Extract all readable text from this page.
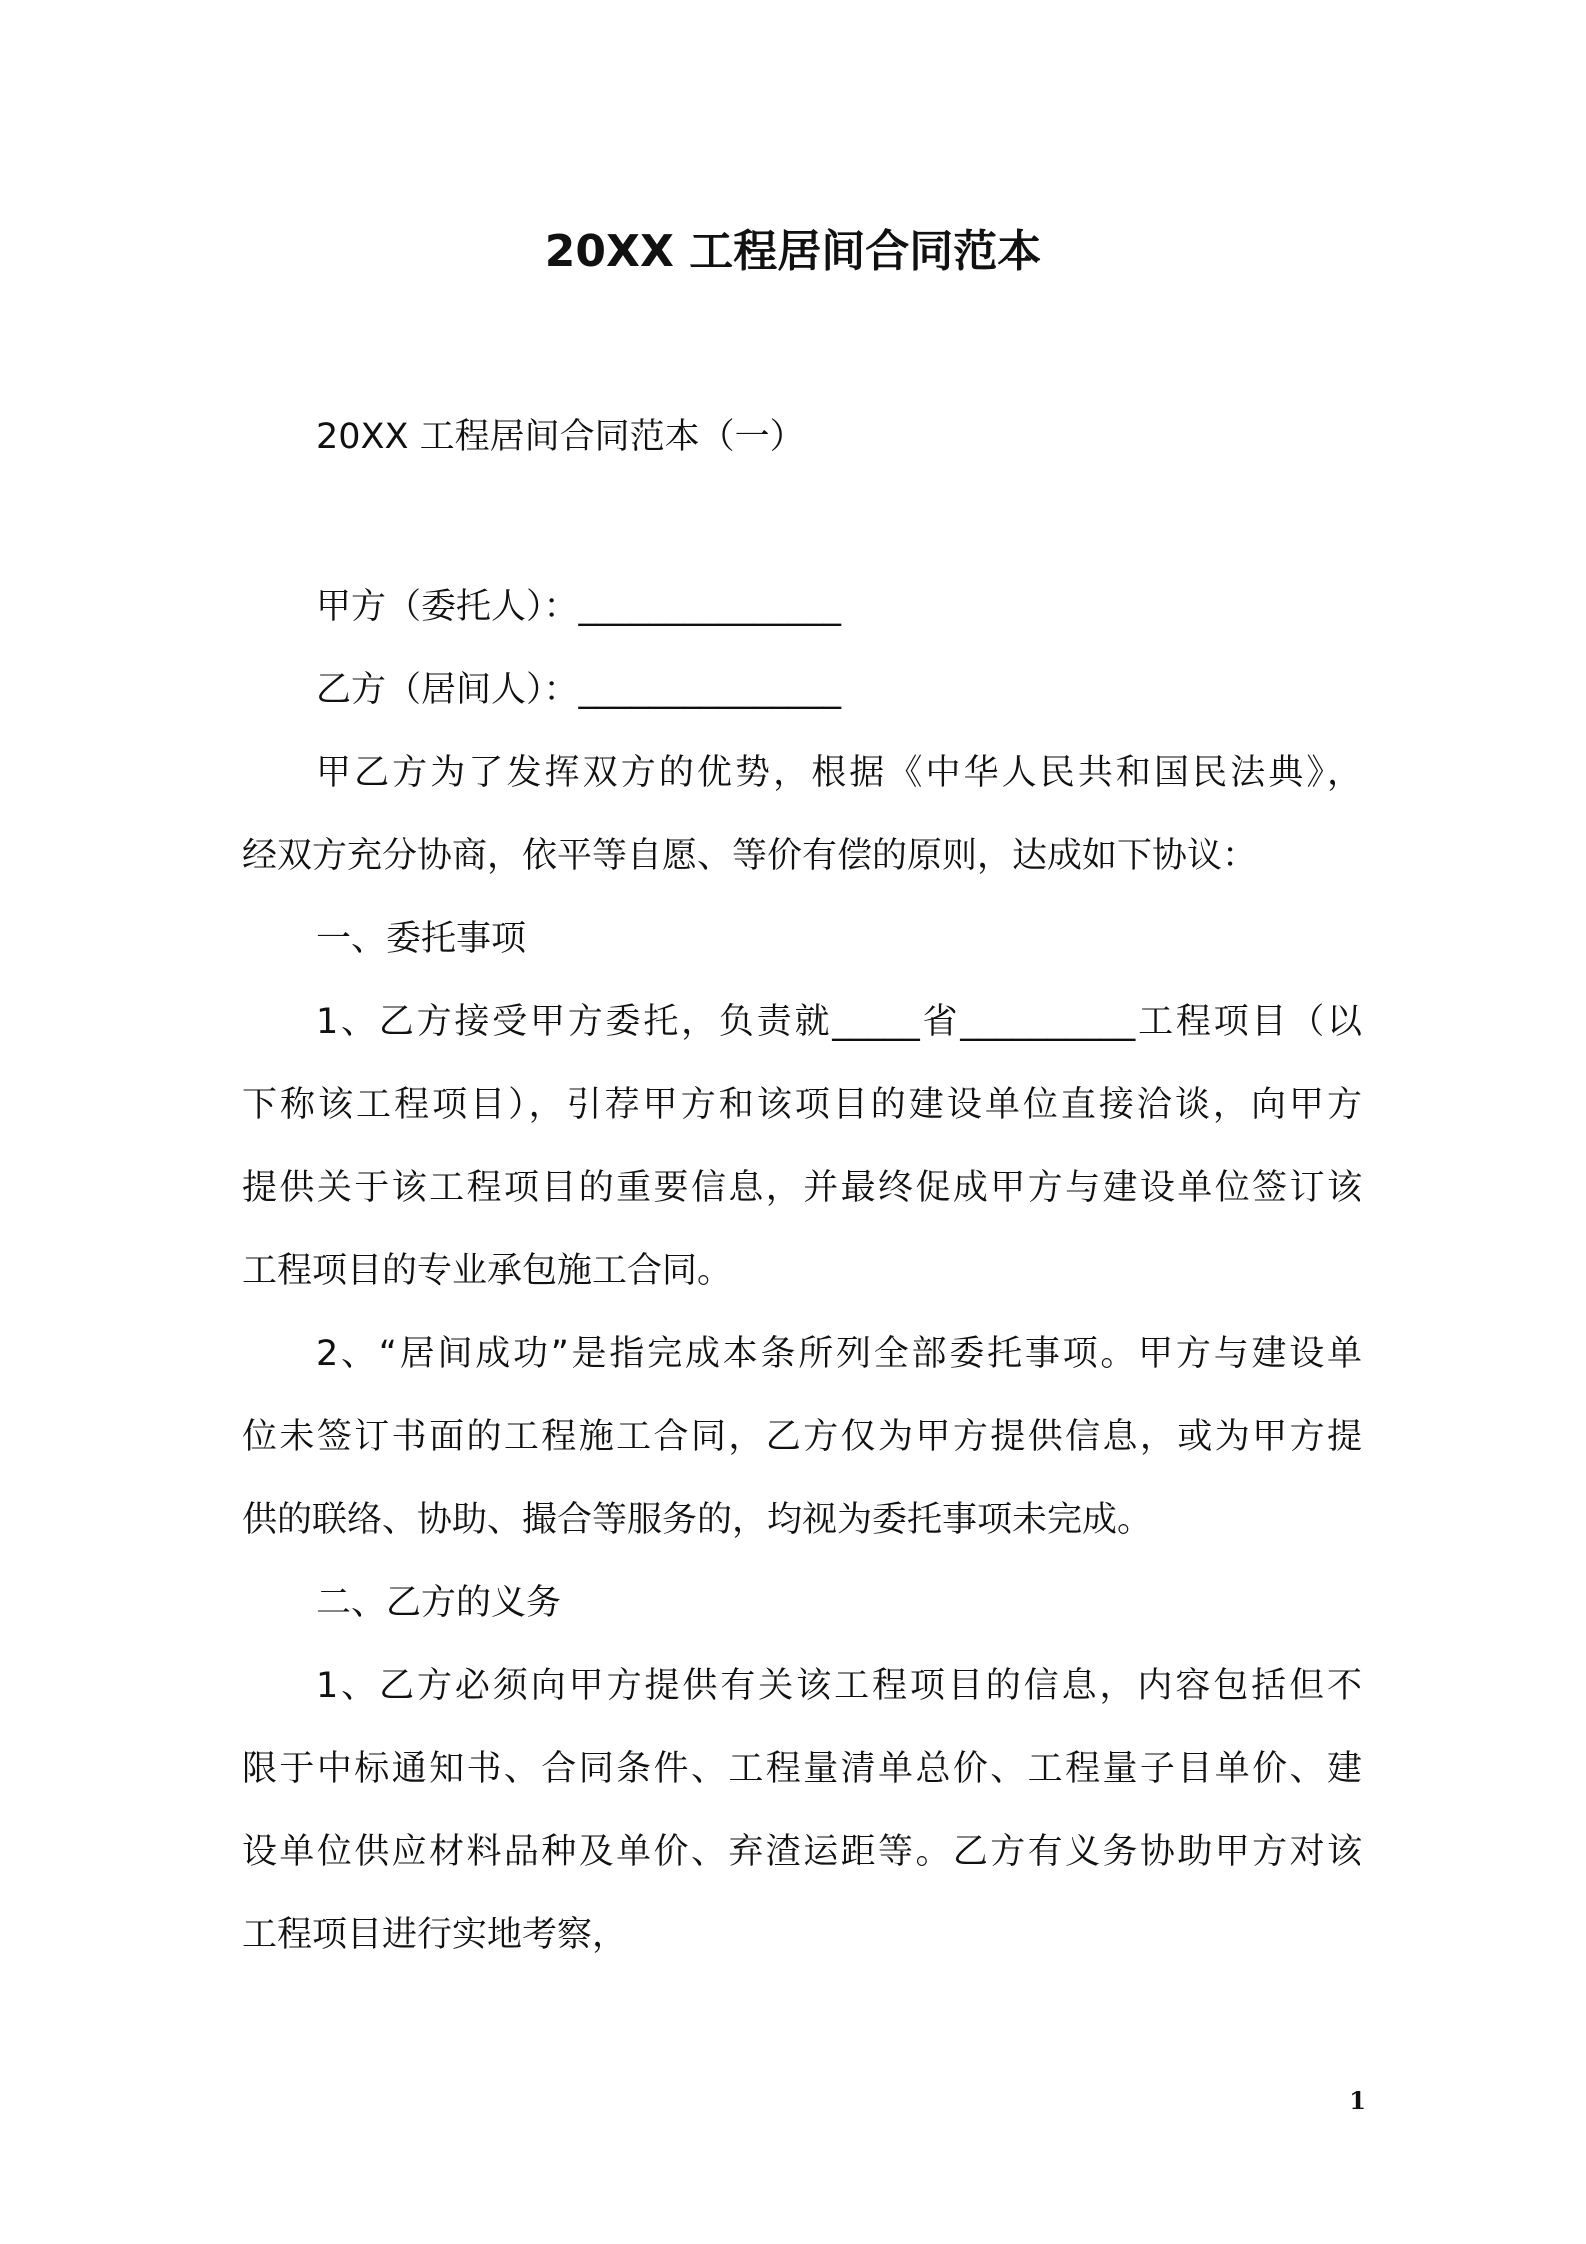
20XX 工程居间合同范本
20XX 工程居间合同范本（一）
甲方（委托人）：_______________
乙方（居间人）：_______________
甲乙方为了发挥双方的优势，根据《中华人民共和国民法典》，
经双方充分协商，依平等自愿、等价有偿的原则，达成如下协议：
一、委托事项
1、乙方接受甲方委托，负责就_____省__________工程项目（以
下称该工程项目），引荐甲方和该项目的建设单位直接洽谈，向甲方
提供关于该工程项目的重要信息，并最终促成甲方与建设单位签订该
工程项目的专业承包施工合同。
2、“居间成功”是指完成本条所列全部委托事项。甲方与建设单
位未签订书面的工程施工合同，乙方仅为甲方提供信息，或为甲方提
供的联络、协助、撮合等服务的，均视为委托事项未完成。
二、乙方的义务
1、乙方必须向甲方提供有关该工程项目的信息，内容包括但不
限于中标通知书、合同条件、工程量清单总价、工程量子目单价、建
设单位供应材料品种及单价、弃渣运距等。乙方有义务协助甲方对该
工程项目进行实地考察，
1
